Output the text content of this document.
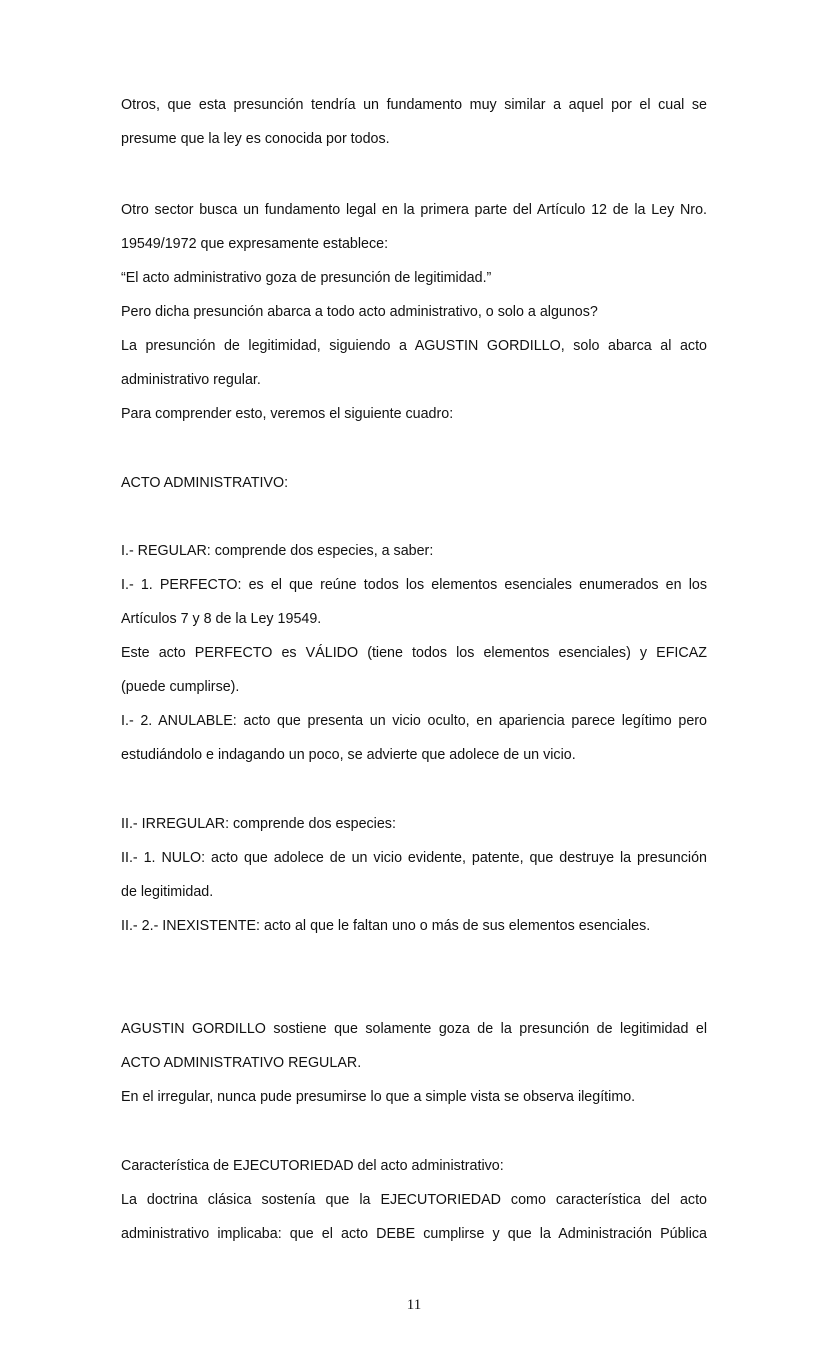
Otros, que esta presunción tendría un fundamento muy similar a aquel por el cual se
presume que la ley es conocida por todos.
Otro sector busca un fundamento legal en la primera parte del Artículo 12 de la Ley Nro.
19549/1972 que expresamente establece:
“El acto administrativo goza de presunción de legitimidad.”
Pero dicha presunción abarca a todo acto administrativo, o solo a algunos?
La presunción de legitimidad, siguiendo a AGUSTIN GORDILLO, solo abarca al acto
administrativo regular.
Para comprender esto, veremos el siguiente cuadro:
ACTO ADMINISTRATIVO:
I.- REGULAR: comprende dos especies, a saber:
I.- 1. PERFECTO: es el que reúne todos los elementos esenciales enumerados en los
Artículos 7 y 8 de la Ley 19549.
Este acto PERFECTO es VÁLIDO (tiene todos los elementos esenciales) y EFICAZ
(puede cumplirse).
I.- 2. ANULABLE: acto que presenta un vicio oculto, en apariencia parece legítimo pero
estudiándolo e indagando un poco, se advierte que adolece de un vicio.
II.- IRREGULAR: comprende dos especies:
II.- 1. NULO: acto que adolece de un vicio evidente, patente, que destruye la presunción
de legitimidad.
II.- 2.- INEXISTENTE: acto al que le faltan uno o más de sus elementos esenciales.
AGUSTIN GORDILLO sostiene que solamente goza de la presunción de legitimidad el
ACTO ADMINISTRATIVO REGULAR.
En el irregular, nunca pude presumirse lo que a simple vista se observa ilegítimo.
Característica de EJECUTORIEDAD del acto administrativo:
La doctrina clásica sostenía que la EJECUTORIEDAD como característica del acto
administrativo implicaba: que el acto DEBE cumplirse y que la Administración Pública
11
